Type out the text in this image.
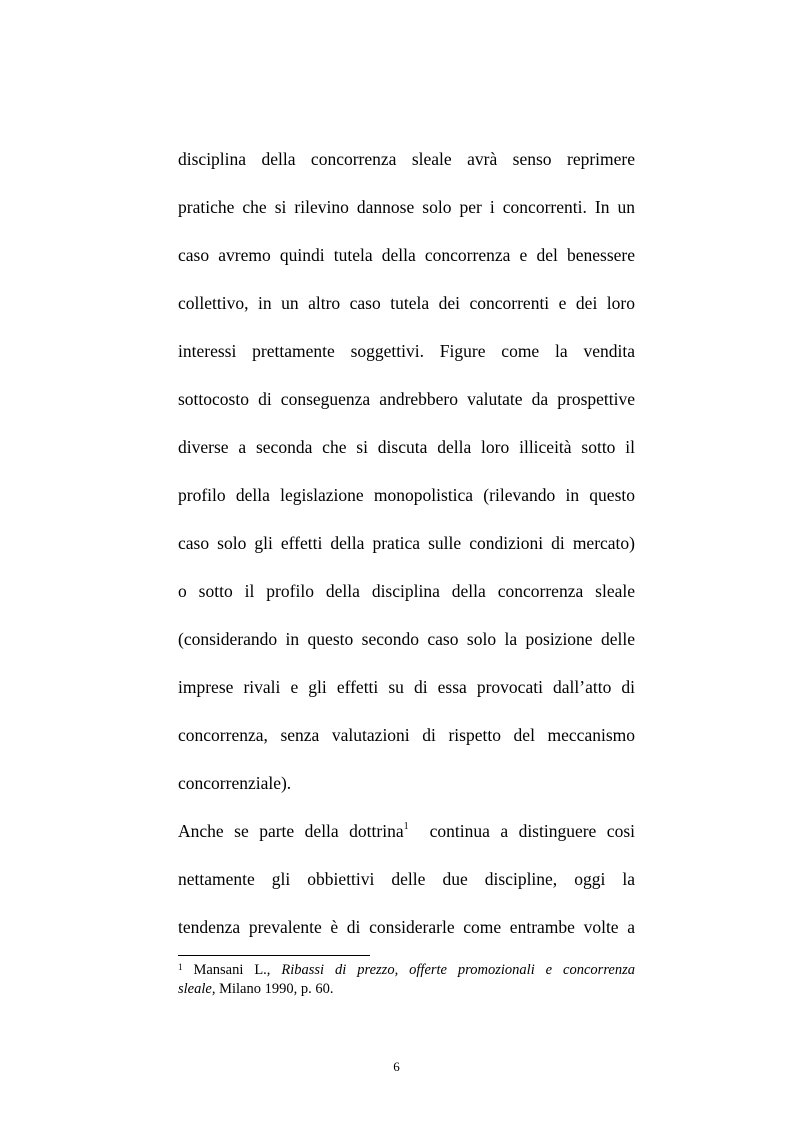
disciplina della concorrenza sleale avrà senso reprimere
pratiche che si rilevino dannose solo per i concorrenti. In un
caso avremo quindi tutela della concorrenza e del benessere
collettivo, in un altro caso tutela dei concorrenti e dei loro
interessi prettamente soggettivi. Figure come la vendita
sottocosto di conseguenza andrebbero valutate da prospettive
diverse a seconda che si discuta della loro illiceità sotto il
profilo della legislazione monopolistica (rilevando in questo
caso solo gli effetti della pratica sulle condizioni di mercato)
o sotto il profilo della disciplina della concorrenza sleale
(considerando in questo secondo caso solo la posizione delle
imprese rivali e gli effetti su di essa provocati dall’atto di
concorrenza, senza valutazioni di rispetto del meccanismo
concorrenziale).
Anche se parte della dottrina$^1$  continua a distinguere cosi
nettamente gli obbiettivi delle due discipline, oggi la
tendenza prevalente è di considerarle come entrambe volte a
$^1$ Mansani L., Ribassi di prezzo, offerte promozionali e concorrenza
sleale, Milano 1990, p. 60.
6
